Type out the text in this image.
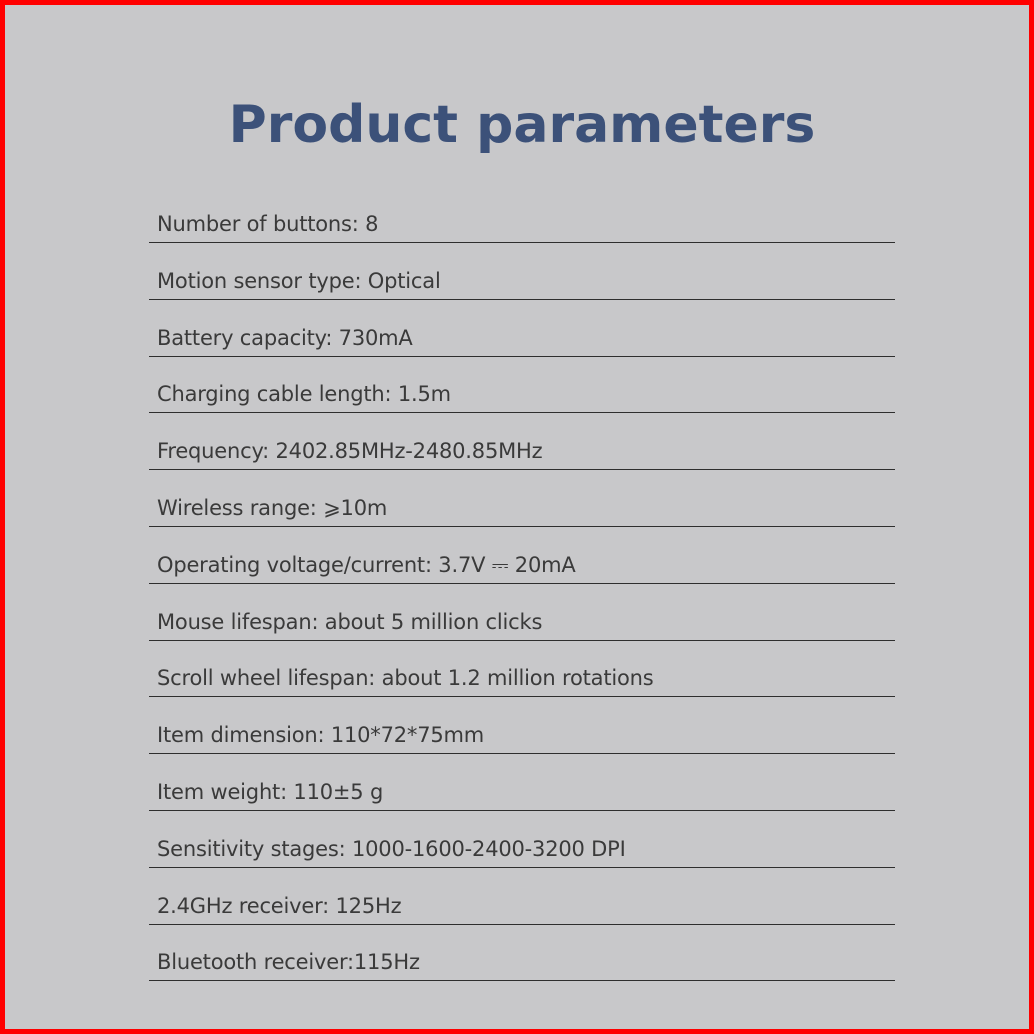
Product parameters
Number of buttons: 8
Motion sensor type: Optical
Battery capacity: 730mA
Charging cable length: 1.5m
Frequency: 2402.85MHz-2480.85MHz
Wireless range: ⩾10m
Operating voltage/current: 3.7V ⎓ 20mA
Mouse lifespan: about 5 million clicks
Scroll wheel lifespan: about 1.2 million rotations
Item dimension: 110*72*75mm
Item weight: 110±5 g
Sensitivity stages: 1000-1600-2400-3200 DPI
2.4GHz receiver: 125Hz
Bluetooth receiver:115Hz
